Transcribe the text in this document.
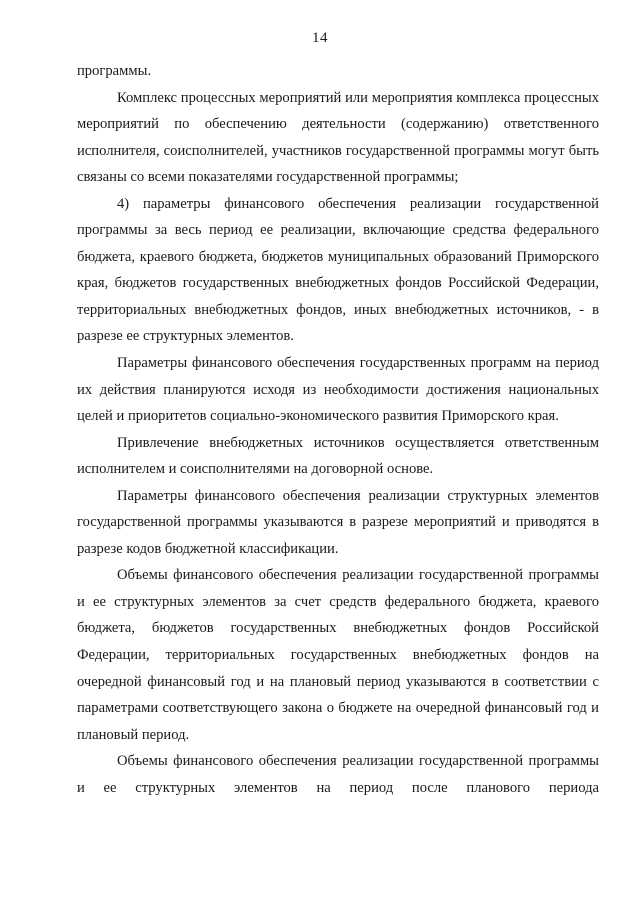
14

программы.

Комплекс процессных мероприятий или мероприятия комплекса процессных мероприятий по обеспечению деятельности (содержанию) ответственного исполнителя, соисполнителей, участников государственной программы могут быть связаны со всеми показателями государственной программы;

4) параметры финансового обеспечения реализации государственной программы за весь период ее реализации, включающие средства федерального бюджета, краевого бюджета, бюджетов муниципальных образований Приморского края, бюджетов государственных внебюджетных фондов Российской Федерации, территориальных внебюджетных фондов, иных внебюджетных источников, - в разрезе ее структурных элементов.

Параметры финансового обеспечения государственных программ на период их действия планируются исходя из необходимости достижения национальных целей и приоритетов социально-экономического развития Приморского края.

Привлечение внебюджетных источников осуществляется ответственным исполнителем и соисполнителями на договорной основе.

Параметры финансового обеспечения реализации структурных элементов государственной программы указываются в разрезе мероприятий и приводятся в разрезе кодов бюджетной классификации.

Объемы финансового обеспечения реализации государственной программы и ее структурных элементов за счет средств федерального бюджета, краевого бюджета, бюджетов государственных внебюджетных фондов Российской Федерации, территориальных государственных внебюджетных фондов на очередной финансовый год и на плановый период указываются в соответствии с параметрами соответствующего закона о бюджете на очередной финансовый год и плановый период.

Объемы финансового обеспечения реализации государственной программы и ее структурных элементов на период после планового периода
